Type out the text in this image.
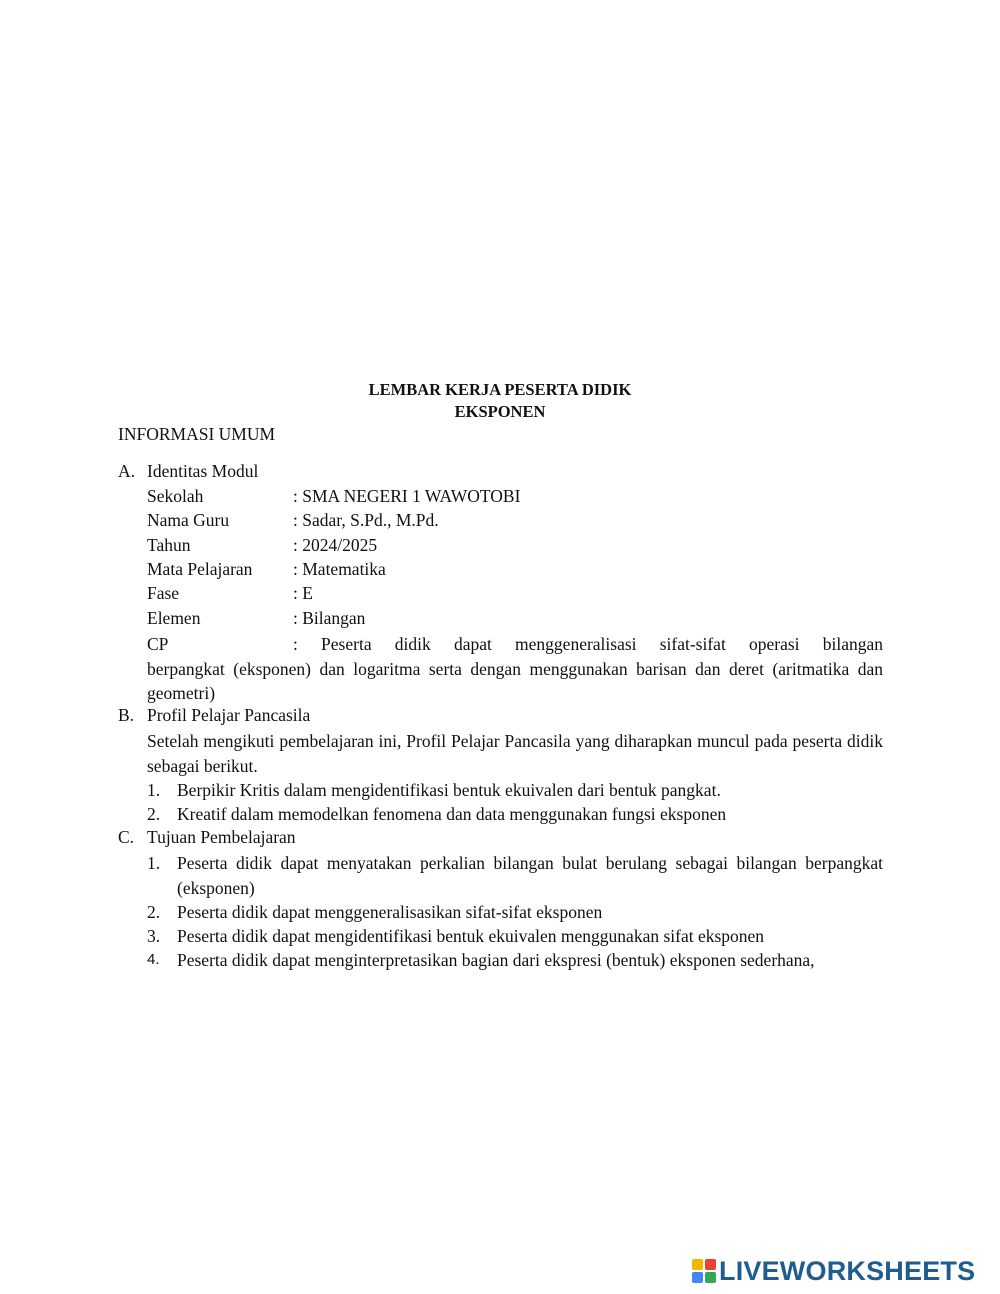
LEMBAR KERJA PESERTA DIDIK
EKSPONEN
INFORMASI UMUM
A. Identitas Modul
Sekolah	: SMA NEGERI 1 WAWOTOBI
Nama Guru	: Sadar, S.Pd., M.Pd.
Tahun	: 2024/2025
Mata Pelajaran : Matematika
Fase	: E
Elemen	: Bilangan
CP	: Peserta didik dapat menggeneralisasi sifat-sifat operasi bilangan
berpangkat (eksponen) dan logaritma serta dengan menggunakan barisan dan deret (aritmatika dan geometri)
B. Profil Pelajar Pancasila
Setelah mengikuti pembelajaran ini, Profil Pelajar Pancasila yang diharapkan muncul pada peserta didik sebagai berikut.
1. Berpikir Kritis dalam mengidentifikasi bentuk ekuivalen dari bentuk pangkat.
2. Kreatif dalam memodelkan fenomena dan data menggunakan fungsi eksponen
C. Tujuan Pembelajaran
1. Peserta didik dapat menyatakan perkalian bilangan bulat berulang sebagai bilangan berpangkat (eksponen)
2. Peserta didik dapat menggeneralisasikan sifat-sifat eksponen
3. Peserta didik dapat mengidentifikasi bentuk ekuivalen menggunakan sifat eksponen
4. Peserta didik dapat menginterpretasikan bagian dari ekspresi (bentuk) eksponen sederhana,
LIVEWORKSHEETS
